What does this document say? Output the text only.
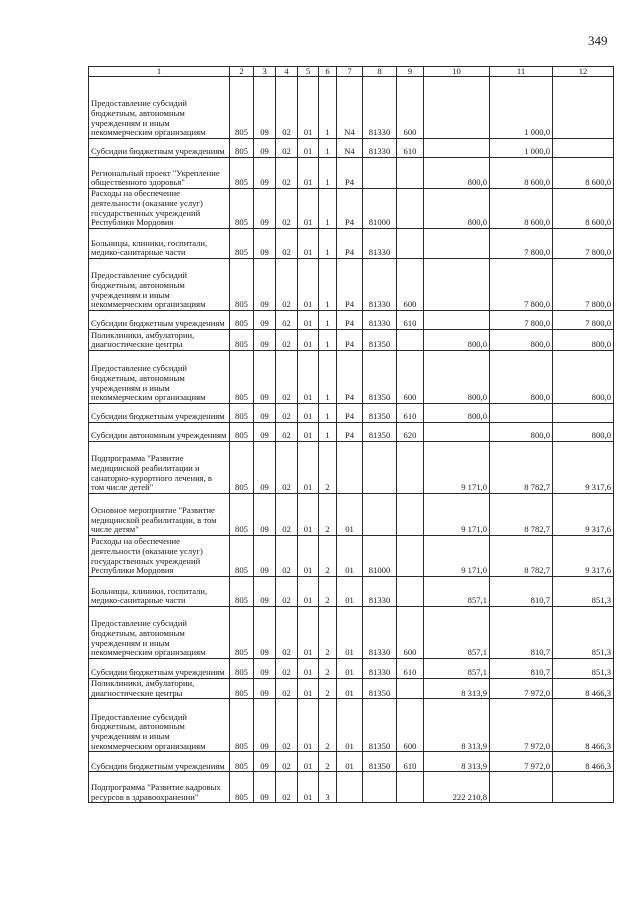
349
1	2	3	4	5	6	7	8	9	10	11	12
Предоставление субсидий бюджетным, автономным учреждениям и иным некоммерческим организациям	805	09	02	01	1	N4	81330	600		1 000,0	
Субсидии бюджетным учреждениям	805	09	02	01	1	N4	81330	610		1 000,0	
Региональный проект "Укрепление общественного здоровья"	805	09	02	01	1	P4			800,0	8 600,0	8 600,0
Расходы на обеспечение деятельности (оказание услуг) государственных учреждений Республики Мордовия	805	09	02	01	1	P4	81000		800,0	8 600,0	8 600,0
Больницы, клиники, госпитали, медико-санитарные части	805	09	02	01	1	P4	81330			7 800,0	7 800,0
Предоставление субсидий бюджетным, автономным учреждениям и иным некоммерческим организациям	805	09	02	01	1	P4	81330	600		7 800,0	7 800,0
Субсидии бюджетным учреждениям	805	09	02	01	1	P4	81330	610		7 800,0	7 800,0
Поликлиники, амбулатории, диагностические центры	805	09	02	01	1	P4	81350		800,0	800,0	800,0
Предоставление субсидий бюджетным, автономным учреждениям и иным некоммерческим организациям	805	09	02	01	1	P4	81350	600	800,0	800,0	800,0
Субсидии бюджетным учреждениям	805	09	02	01	1	P4	81350	610	800,0		
Субсидии автономным учреждениям	805	09	02	01	1	P4	81350	620		800,0	800,0
Подпрограмма "Развитие медицинской реабилитации и санаторно-курортного лечения, в том числе детей"	805	09	02	01	2				9 171,0	8 782,7	9 317,6
Основное мероприятие "Развитие медицинской реабилитации, в том числе детям"	805	09	02	01	2	01			9 171,0	8 782,7	9 317,6
Расходы на обеспечение деятельности (оказание услуг) государственных учреждений Республики Мордовия	805	09	02	01	2	01	81000		9 171,0	8 782,7	9 317,6
Больницы, клиники, госпитали, медико-санитарные части	805	09	02	01	2	01	81330		857,1	810,7	851,3
Предоставление субсидий бюджетным, автономным учреждениям и иным некоммерческим организациям	805	09	02	01	2	01	81330	600	857,1	810,7	851,3
Субсидии бюджетным учреждениям	805	09	02	01	2	01	81330	610	857,1	810,7	851,3
Поликлиники, амбулатории, диагностические центры	805	09	02	01	2	01	81350		8 313,9	7 972,0	8 466,3
Предоставление субсидий бюджетным, автономным учреждениям и иным некоммерческим организациям	805	09	02	01	2	01	81350	600	8 313,9	7 972,0	8 466,3
Субсидии бюджетным учреждениям	805	09	02	01	2	01	81350	610	8 313,9	7 972,0	8 466,3
Подпрограмма "Развитие кадровых ресурсов в здравоохранении"	805	09	02	01	3				222 210,8		
